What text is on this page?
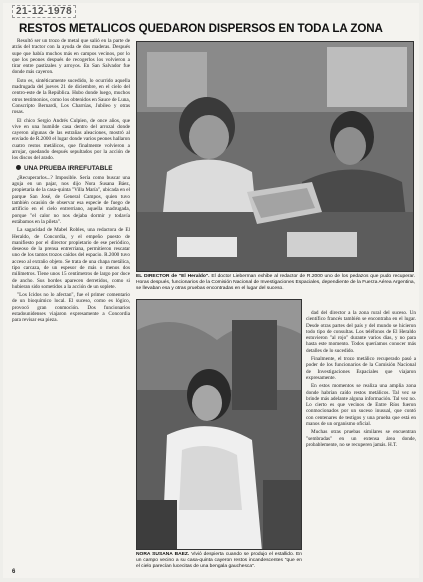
21-12-1978
RESTOS METALICOS QUEDARON DISPERSOS EN TODA LA ZONA

Resultó ser un trozo de metal que salió en la parte de atrás del tractor con la ayuda de dos maderas. Después supe que había muchos más en campos vecinos, por lo que los peones después de recogerlos los volvieron a tirar entre pastizales y arroyos. En San Salvador fue donde más cayeron.

Esto es, sintéticamente sucedido, lo ocurrido aquella madrugada del jueves 21 de diciembre, en el cielo del centro-este de la República. Hubo donde luego, muchos otros testimonios, como los obtenidos en Sauce de Luna, Conscripto Bernardi, Los Charrúas, Jubileo y otras rosas.

El chico Sergio Andrés Culpien, de once años, que vive en una humilde casa dentro del arrozal donde cayeron algunas de las estrañas aleaciones, mostró al enviado de R.2000 el lugar donde varios peones hallaron cuatro restos metálicos, que finalmente volvieron a arrojar, quedando después sepultados por la acción de los discos del arado.

UNA PRUEBA IRREFUTABLE

¿Recuperarlos...? Imposible. Sería como buscar una aguja en un pajar, nos dijo Nora Susana Báez, propietaria de la casa-quinta "Villa María", ubicada en el parque San José, de General Campos, quien tuvo también ocasión de observar esa especie de fuego de artificio en el cielo entrerriano, aquella madrugada, porque "el calor no nos dejaba dormir y todavía estábamos en la pileta".

La sagacidad de Mabel Robles, una redactora de El Heraldo, de Concordia, y el empeño puesto de manifiesto por el director propietario de ese periódico, deseoso de la prensa entrerriana, permitieron rescatar uno de los tantos trozos caídos del espacio. R.2000 tuvo acceso al extraño objeto. Se trata de una chapa metálica, tipo carcaza, de un espesor de más o menos dos milímetros. Tiene unos 15 centímetros de largo por doce de ancho. Sus bordes aparecen derretidos, como si hubieran sido sometidos a la acción de un soplete.

"Los Icidos no lo afectan", fue el primer comentario de un bioquímico local. El suceso, como es lógico, provocó gran conmoción. Dos funcionarios estadounidenses viajaron expresamente a Concordia para revisar esa pieza.

EL DIRECTOR de "El Heraldo". El doctor Lieberman exhibe al redactor de R.2000 uno de los pedazos que pudo recuperar. Horas después, funcionarios de la Comisión Nacional de Investigaciones Espaciales, dependiente de la Fuerza Aérea Argentina, se llevaban esa y otras pruebas encontradas en el lugar del suceso.
NORA SUSANA BAEZ. Vivió despierta cuando se produjo el estallido. En un campo vecino a su casa-quinta cayeron restos incandescentes "que en el cielo parecían lucecitas de una bengala gauchesca".

dad del director a la zona rural del suceso. Un científico francés también se encontraba en el lugar. Desde otras partes del país y del mundo se hicieron todo tipo de consultas. Los teléfonos de El Heraldo estuvieron "al rojo" durante varios días, y no para hasta este momento. Todos queríamos conocer más detalles de lo sucedido.

Finalmente, el trozo metálico recuperado pasó a poder de los funcionarios de la Comisión Nacional de Investigaciones Espaciales que viajaron expresamente.

En estos momentos se realiza una amplia zona donde habrían caído restos metálicos. Tal vez se brinde más adelante alguna información. Tal vez no. Lo cierto es que vecinos de Entre Ríos fueron conmocionados por un suceso inusual, que contó con centenares de testigos y una prueba que está en manos de un organismo oficial.

Muchas otras pruebas similares se encuentran "sembradas" en un extensa área donde, probablemente, no se recuperen jamás. H.T.

6
